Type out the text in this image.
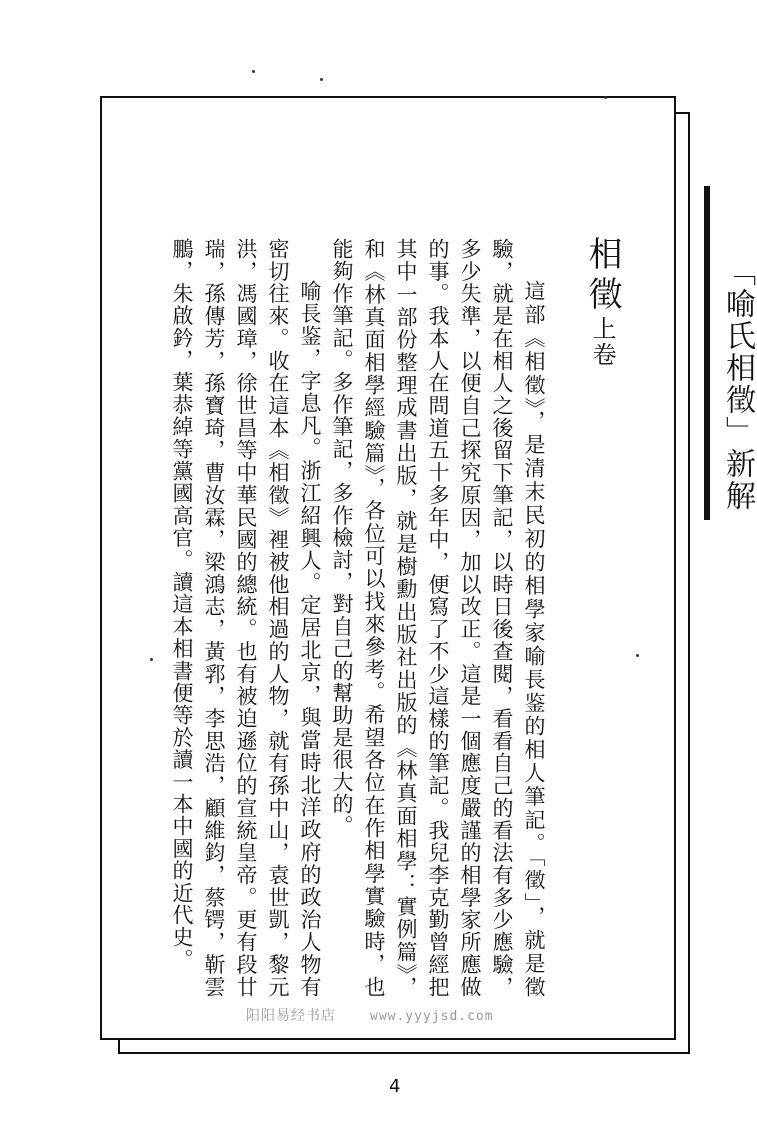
「喻氏相徵」新解
相徵上卷

這部《相徵》，是清末民初的相學家喻長鉴的相人筆記。「徵」，就是徵驗，就是在相人之後留下筆記，以時日後查閱，看看自己的看法有多少應驗，多少失準，以便自己探究原因，加以改正。這是一個應度嚴謹的相學家所應做的事。我本人在問道五十多年中，便寫了不少這樣的筆記。我兒李克勤曾經把其中一部份整理成書出版，就是樹勳出版社出版的《林真面相學：實例篇》，和《林真面相學經驗篇》，各位可以找來參考。希望各位在作相學實驗時，也能夠作筆記。多作筆記，多作檢討，對自己的幫助是很大的。

喻長鉴，字息凡。浙江紹興人。定居北京，與當時北洋政府的政治人物有密切往來。收在這本《相徵》裡被他相過的人物，就有孫中山，袁世凱，黎元洪，馮國璋，徐世昌等中華民國的總統。也有被迫遜位的宣統皇帝。更有段廿瑞，孫傳芳，孫寶琦，曹汝霖，梁鴻志，黃郛，李思浩，顧維鈞，蔡锷，靳雲鵬，朱啟鈐，葉恭綽等黨國高官。讀這本相書便等於讀一本中國的近代史。

阳阳易经书店	www.yyyjsd.com
4
